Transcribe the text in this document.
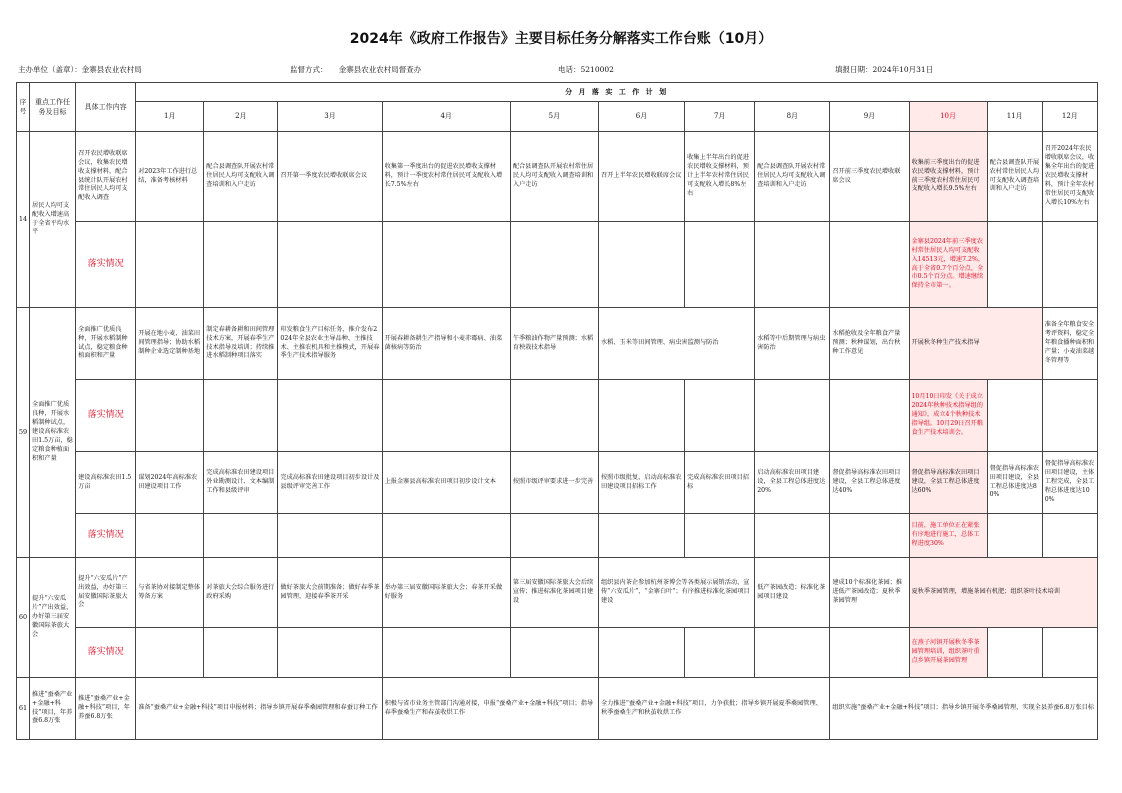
2024年《政府工作报告》主要目标任务分解落实工作台账（10月）
主办单位（盖章）：金寨县农业农村局	监督方式：　　金寨县农业农村局督查办	电话：5210002	填报日期：2024年10月31日
序号	重点工作任务及目标	具体工作内容	分 月 落 实 工 作 计 划											
			1月	2月	3月	4月	5月	6月	7月	8月	9月	10月	11月	12月
14	居民人均可支配收入增速高于全省平均水平	召开农民增收联席会议，收集农民增收支撑材料，配合县统计队开展农村常住居民人均可支配收入调查	对2023年工作进行总结，准备考核材料	配合县调查队开展农村常住居民人均可支配收入调查培训和入户走访	召开第一季度农民增收联席会议	收集第一季度出台的促进农民增收支撑材料，预计一季度农村常住居民可支配收入增长7.5%左右	配合县调查队开展农村常住居民人均可支配收入调查培训和入户走访	召开上半年农民增收联席会议	收集上半年出台的促进农民增收支撑材料，预计上半年农村常住居民可支配收入增长8%左右	配合县调查队开展农村常住居民人均可支配收入调查培训和入户走访	召开前三季度农民增收联席会议	收集前三季度出台的促进农民增收支撑材料，预计前三季度农村常住居民可支配收入增长9.5%左右	配合县调查队开展农村常住居民人均可支配收入调查培训和入户走访	召开2024年农民增收联席会议，收集全年出台的促进农民增收支撑材料，预计全年农村常住居民可支配收入增长10%左右
		落实情况										金寨县2024年前三季度农村常住居民人均可支配收入14513元，增速7.2%，高于全省0.7个百分点，全市0.5个百分点。增速继续保持全市第一。		
59	全面推广优质良种，开展水稻制种试点，建设高标准农田1.5万亩，稳定粮食种植面积和产量	全面推广优质良种，开展水稻制种试点，稳定粮食种植面积和产量	开展在地小麦、油菜田间管理指导；协助水稻制种企业选定制种基地	制定春耕备耕和田间管理技术方案，开展春季生产技术指导及培训；持续推进水稻制种项目落实	印发粮食生产目标任务，推介发布2024年全县农业主导品种、主推技术、主推农机具和主推模式，开展春季生产技术指导服务	开展春耕备耕生产指导和小麦赤霉病、油菜菌核病等防治	午季粮油作物产量预测；水稻育秧栽技术指导	水稻、玉米等田间管理、病虫害监测与防治		水稻等中后期管理与病虫害防治	水稻抢收及全年粮食产量预测；秋种谋划，出台秋种工作意见	开展秋冬种生产技术指导		准备全年粮食安全考评资料，稳定全年粮食播种面积和产量；小麦油菜越冬管理等
		落实情况										10月10日印发《关于成立2024年秋种技术指导组的通知》，成立4个秋种技术指导组。10月29日召开粮食生产技术培训会。		
		建设高标准农田1.5万亩	谋划2024年高标准农田建设项目工作	完成高标准农田建设项目外业勘测设计、文本编制工作和县级评审	完成高标准农田建设项目初步设计及县级评审完善工作	上报金寨县高标准农田项目初步设计文本	按照市级评审要求进一步完善	按照市级批复，启动高标准农田建设项目招标工作	完成高标准农田项目招标	启动高标准农田项目建设，全县工程总体进度达20%	督促指导高标准农田项目建设，全县工程总体进度达40%	督促指导高标准农田项目建设，全县工程总体进度达60%	督促指导高标准农田项目建设，全县工程总体进度达80%	督促指导高标准农田项目建设，主体工程完成，全县工程总体进度达100%
		落实情况										目前，施工单位正在紧张有序地进行施工，总体工程进度30%		
60	提升“六安瓜片”产出效益，办好第三届安徽国际茶旅大会	提升“六安瓜片”产出效益，办好第三届安徽国际茶旅大会	与省茶协对接制定整体筹备方案	对茶旅大会综合服务进行政府采购	做好茶旅大会前期准备；做好春季茶园管理，迎接春季茶开采	举办第三届安徽国际茶旅大会；春茶开采做好服务	第三届安徽国际茶旅大会后续宣传；推进标准化茶园项目建设	组织县内茶企参加杭州茶博会等各类展示展销活动，宣传“六安瓜片”、“金寨白叶”；有序推进标准化茶园项目建设		低产茶园改造；标准化茶园项目建设	建成10个标准化茶园；推进低产茶园改造；夏秋季茶园管理	夏秋季茶园管理，增施茶园有机肥；组织茶叶技术培训		
		落实情况										在燕子河镇开展秋冬季茶园管理培训，组织茶叶重点乡镇开展茶园管理		
61	推进“蚕桑产业+金融+科技”项目，年养蚕6.8万张	推进“蚕桑产业+金融+科技”项目，年养蚕6.8万张	准备“蚕桑产业+金融+科技”项目申报材料；指导乡镇开展春季桑园管理和春蚕订种工作			积极与省市业务主管部门沟通对接，申报“蚕桑产业+金融+科技”项目；指导春季蚕桑生产和春茧收烘工作		全力推进“蚕桑产业+金融+科技”项目，力争获批；指导乡镇开展夏季桑园管理、秋季蚕桑生产和秋茧收烘工作			组织实施“蚕桑产业+金融+科技”项目；指导乡镇开展冬季桑园管理，实现全县养蚕6.8万张目标			
